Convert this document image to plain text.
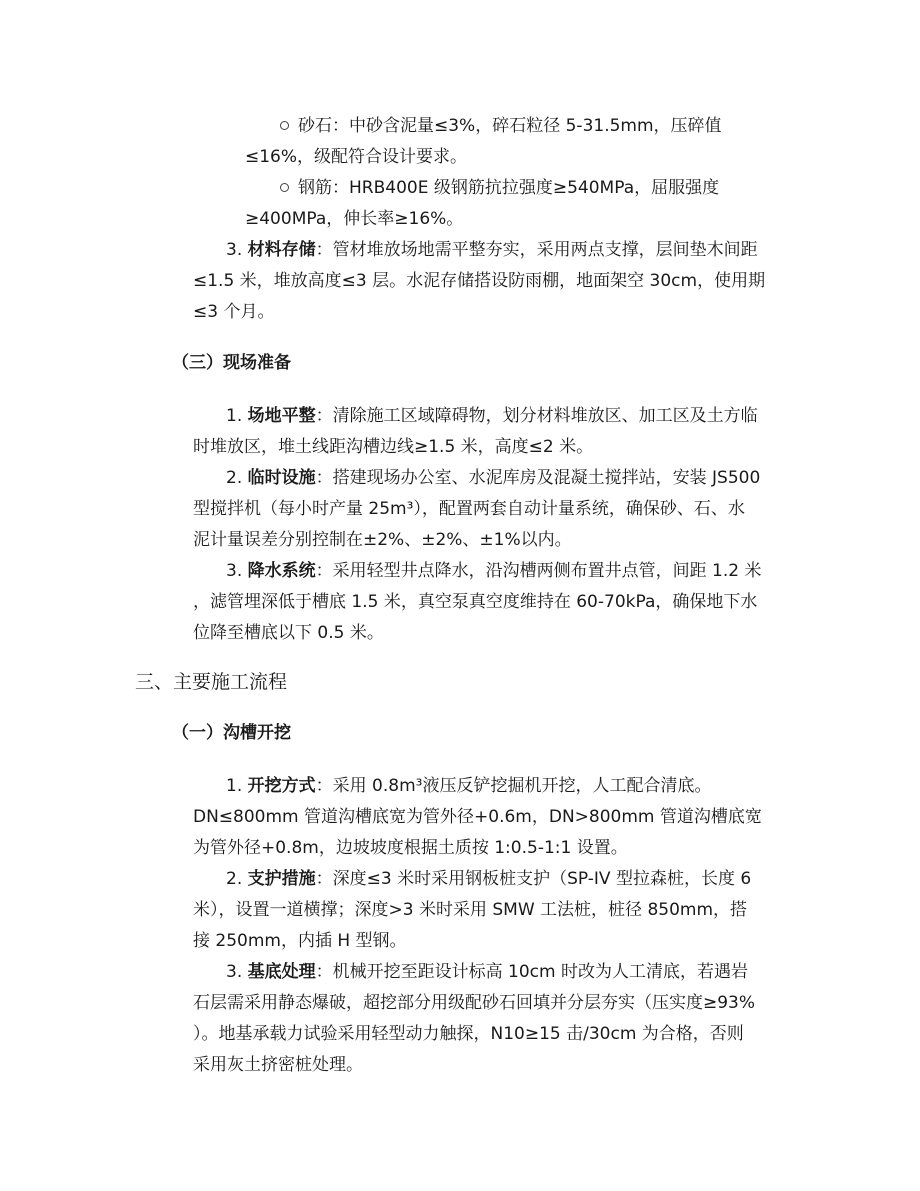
砂石：中砂含泥量≤3%，碎石粒径 5-31.5mm，压碎值
≤16%，级配符合设计要求。
钢筋：HRB400E 级钢筋抗拉强度≥540MPa，屈服强度
≥400MPa，伸长率≥16%。
3. 材料存储：管材堆放场地需平整夯实，采用两点支撑，层间垫木间距
≤1.5 米，堆放高度≤3 层。水泥存储搭设防雨棚，地面架空 30cm，使用期
≤3 个月。
（三）现场准备
1. 场地平整：清除施工区域障碍物，划分材料堆放区、加工区及土方临
时堆放区，堆土线距沟槽边线≥1.5 米，高度≤2 米。
2. 临时设施：搭建现场办公室、水泥库房及混凝土搅拌站，安装 JS500
型搅拌机（每小时产量 25m³），配置两套自动计量系统，确保砂、石、水
泥计量误差分别控制在±2%、±2%、±1%以内。
3. 降水系统：采用轻型井点降水，沿沟槽两侧布置井点管，间距 1.2 米
，滤管埋深低于槽底 1.5 米，真空泵真空度维持在 60-70kPa，确保地下水
位降至槽底以下 0.5 米。
三、主要施工流程
（一）沟槽开挖
1. 开挖方式：采用 0.8m³液压反铲挖掘机开挖，人工配合清底。
DN≤800mm 管道沟槽底宽为管外径+0.6m，DN>800mm 管道沟槽底宽
为管外径+0.8m，边坡坡度根据土质按 1:0.5-1:1 设置。
2. 支护措施：深度≤3 米时采用钢板桩支护（SP-IV 型拉森桩，长度 6
米），设置一道横撑；深度>3 米时采用 SMW 工法桩，桩径 850mm，搭
接 250mm，内插 H 型钢。
3. 基底处理：机械开挖至距设计标高 10cm 时改为人工清底，若遇岩
石层需采用静态爆破，超挖部分用级配砂石回填并分层夯实（压实度≥93%
）。地基承载力试验采用轻型动力触探，N10≥15 击/30cm 为合格，否则
采用灰土挤密桩处理。
